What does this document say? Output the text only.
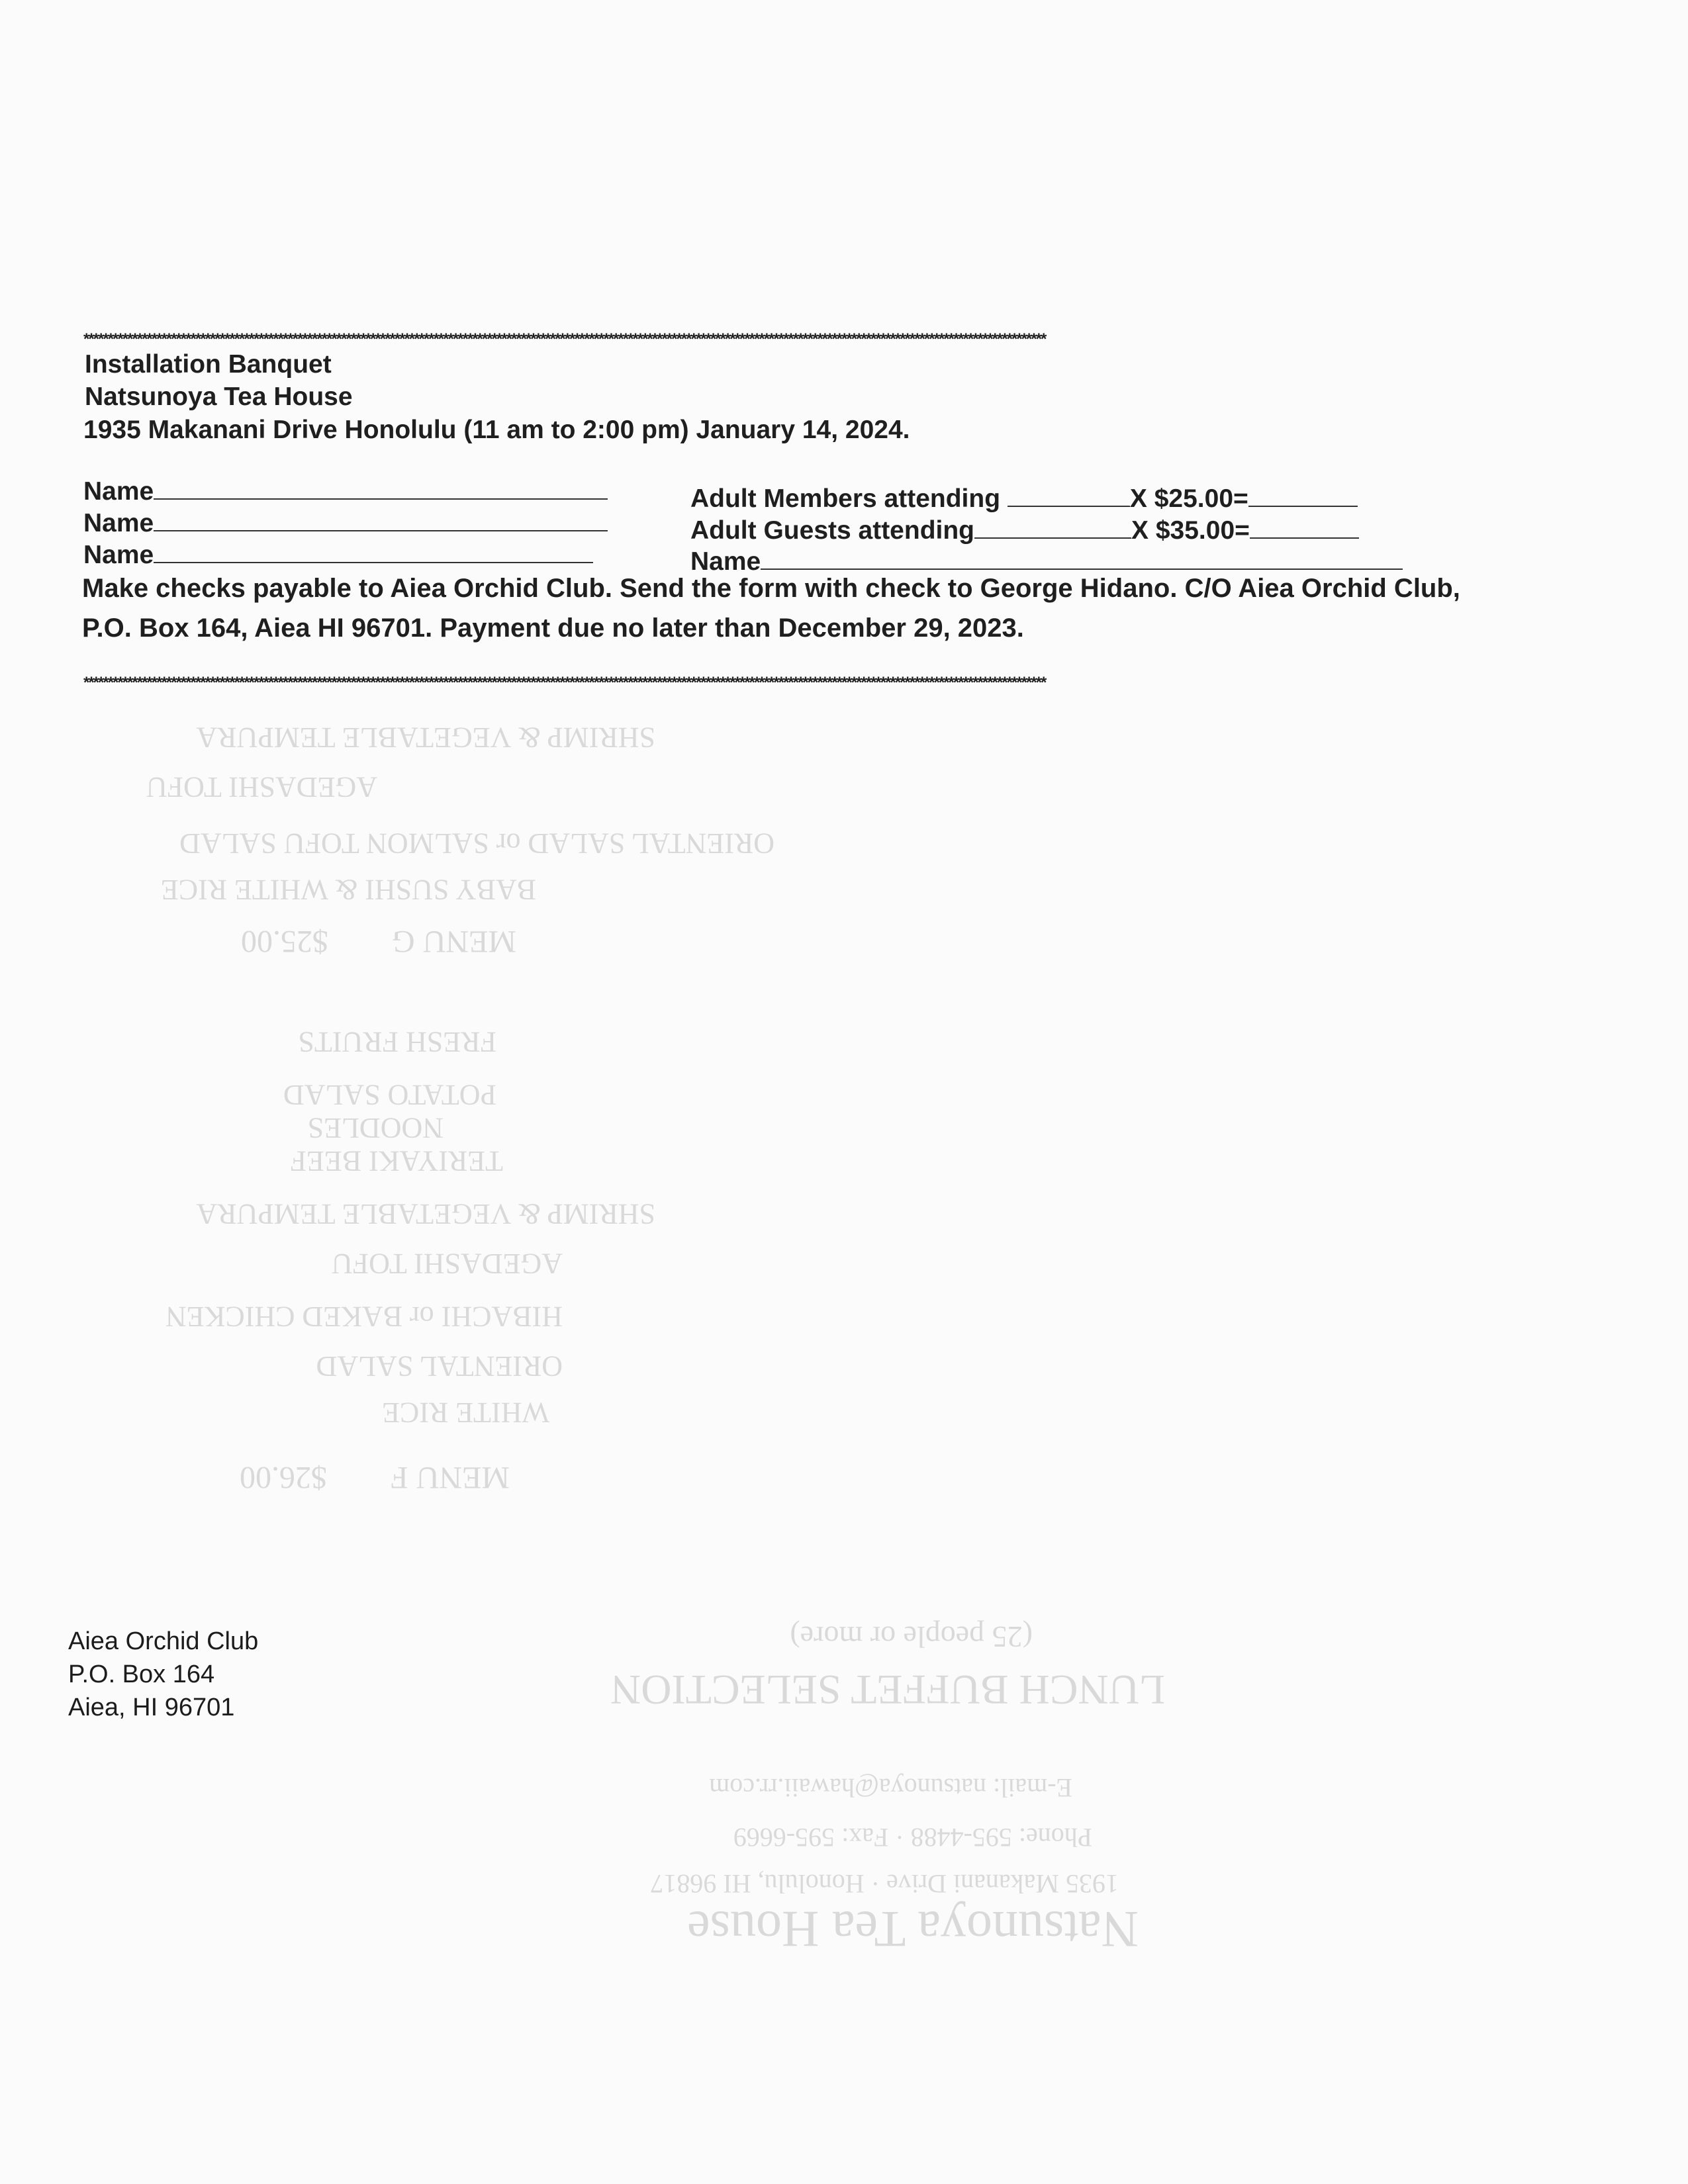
Natsunoya Tea House
1935 Makanani Drive · Honolulu, HI 96817
Phone: 595-4488 · Fax: 595-6669
E-mail: natsunoya@hawaii.rr.com
LUNCH BUFFET SELECTION
(25 people or more)
MENU F        $26.00
WHITE RICE
ORIENTAL SALAD
HIBACHI or BAKED CHICKEN
AGEDASHI TOFU
SHRIMP & VEGETABLE TEMPURA
TERIYAKI BEEF
NOODLES
POTATO SALAD
FRESH FRUITS
MENU G        $25.00
BABY SUSHI & WHITE RICE
ORIENTAL SALAD or SALMON TOFU SALAD
AGEDASHI TOFU
SHRIMP & VEGETABLE TEMPURA
******************************************************************************************************************************************************************************************************
Installation Banquet
Natsunoya Tea House
1935 Makanani Drive Honolulu (11 am to 2:00 pm) January 14, 2024.
Name
Name
Name
Adult Members attending	X $25.00=
Adult Guests attending	X $35.00=
Name
Make checks payable to Aiea Orchid Club. Send the form with check to George Hidano. C/O Aiea Orchid Club,
P.O. Box 164, Aiea HI 96701. Payment due no later than December 29, 2023.
******************************************************************************************************************************************************************************************************
Aiea Orchid Club
P.O. Box 164
Aiea, HI 96701
